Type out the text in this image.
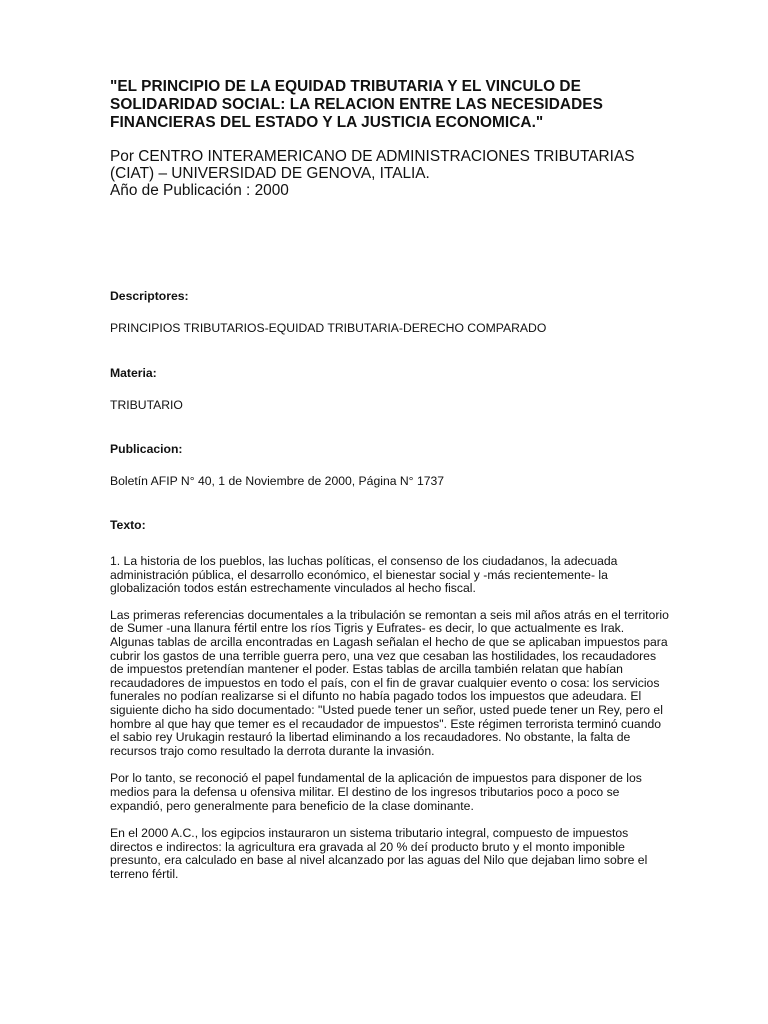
"EL PRINCIPIO DE LA EQUIDAD TRIBUTARIA Y EL VINCULO DE SOLIDARIDAD SOCIAL: LA RELACION ENTRE LAS NECESIDADES FINANCIERAS DEL ESTADO Y LA JUSTICIA ECONOMICA."
Por CENTRO INTERAMERICANO DE ADMINISTRACIONES TRIBUTARIAS
(CIAT) – UNIVERSIDAD DE GENOVA, ITALIA.
Año de Publicación : 2000
Descriptores:
PRINCIPIOS TRIBUTARIOS-EQUIDAD TRIBUTARIA-DERECHO COMPARADO
Materia:
TRIBUTARIO
Publicacion:
Boletín AFIP N° 40, 1 de Noviembre de 2000, Página N° 1737
Texto:

1. La historia de los pueblos, las luchas políticas, el consenso de los ciudadanos, la adecuada administración pública, el desarrollo económico, el bienestar social y -más recientemente- la globalización todos están estrechamente vinculados al hecho fiscal.

Las primeras referencias documentales a la tribulación se remontan a seis mil años atrás en el territorio de Sumer -una llanura fértil entre los ríos Tigris y Eufrates- es decir, lo que actualmente es Irak. Algunas tablas de arcilla encontradas en Lagash señalan el hecho de que se aplicaban impuestos para cubrir los gastos de una terrible guerra pero, una vez que cesaban las hostilidades, los recaudadores de impuestos pretendían mantener el poder. Estas tablas de arcilla también relatan que habían recaudadores de impuestos en todo el país, con el fin de gravar cualquier evento o cosa: los servicios funerales no podían realizarse si el difunto no había pagado todos los impuestos que adeudara. El siguiente dicho ha sido documentado: "Usted puede tener un señor, usted puede tener un Rey, pero el hombre al que hay que temer es el recaudador de impuestos". Este régimen terrorista terminó cuando el sabio rey Urukagin restauró la libertad eliminando a los recaudadores. No obstante, la falta de recursos trajo como resultado la derrota durante la invasión.

Por lo tanto, se reconoció el papel fundamental de la aplicación de impuestos para disponer de los medios para la defensa u ofensiva militar. El destino de los ingresos tributarios poco a poco se expandió, pero generalmente para beneficio de la clase dominante.

En el 2000 A.C., los egipcios instauraron un sistema tributario integral, compuesto de impuestos directos e indirectos: la agricultura era gravada al 20 % deí producto bruto y el monto imponible presunto, era calculado en base al nivel alcanzado por las aguas del Nilo que dejaban limo sobre el terreno fértil.
